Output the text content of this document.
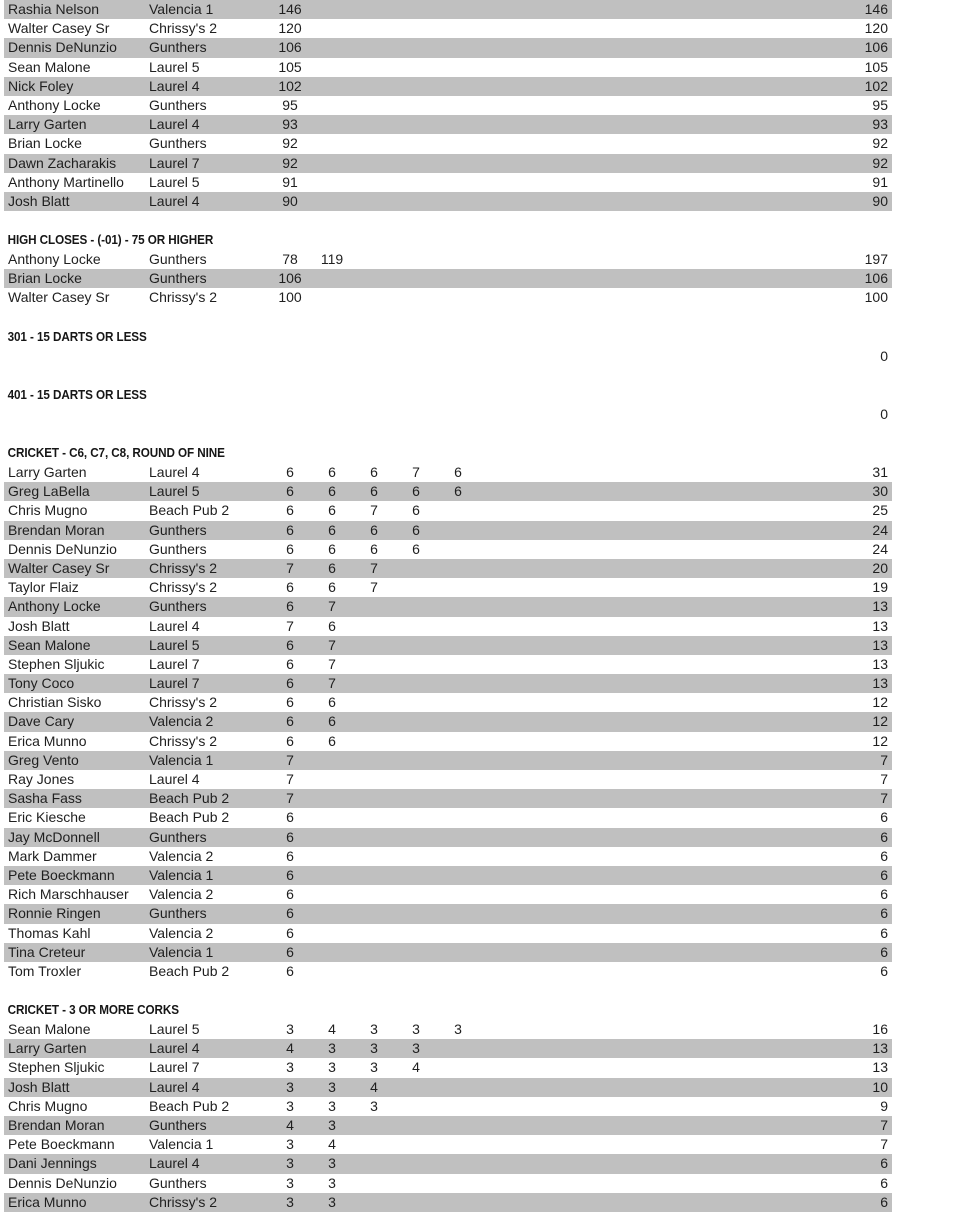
Rashia Nelson	Valencia 1	146	146
Walter Casey Sr	Chrissy's 2	120	120
Dennis DeNunzio	Gunthers	106	106
Sean Malone	Laurel 5	105	105
Nick Foley	Laurel 4	102	102
Anthony Locke	Gunthers	95	95
Larry Garten	Laurel 4	93	93
Brian Locke	Gunthers	92	92
Dawn Zacharakis	Laurel 7	92	92
Anthony Martinello	Laurel 5	91	91
Josh Blatt	Laurel 4	90	90
HIGH CLOSES - (-01) - 75 OR HIGHER
Anthony Locke	Gunthers	78	119	197
Brian Locke	Gunthers	106	106
Walter Casey Sr	Chrissy's 2	100	100
301 - 15 DARTS OR LESS
0
401 - 15 DARTS OR LESS
0
CRICKET - C6, C7, C8, ROUND OF NINE
Larry Garten	Laurel 4	6	6	6	7	6	31
Greg LaBella	Laurel 5	6	6	6	6	6	30
Chris Mugno	Beach Pub 2	6	6	7	6	25
Brendan Moran	Gunthers	6	6	6	6	24
Dennis DeNunzio	Gunthers	6	6	6	6	24
Walter Casey Sr	Chrissy's 2	7	6	7	20
Taylor Flaiz	Chrissy's 2	6	6	7	19
Anthony Locke	Gunthers	6	7	13
Josh Blatt	Laurel 4	7	6	13
Sean Malone	Laurel 5	6	7	13
Stephen Sljukic	Laurel 7	6	7	13
Tony Coco	Laurel 7	6	7	13
Christian Sisko	Chrissy's 2	6	6	12
Dave Cary	Valencia 2	6	6	12
Erica Munno	Chrissy's 2	6	6	12
Greg Vento	Valencia 1	7	7
Ray Jones	Laurel 4	7	7
Sasha Fass	Beach Pub 2	7	7
Eric Kiesche	Beach Pub 2	6	6
Jay McDonnell	Gunthers	6	6
Mark Dammer	Valencia 2	6	6
Pete Boeckmann	Valencia 1	6	6
Rich Marschhauser	Valencia 2	6	6
Ronnie Ringen	Gunthers	6	6
Thomas Kahl	Valencia 2	6	6
Tina Creteur	Valencia 1	6	6
Tom Troxler	Beach Pub 2	6	6
CRICKET - 3 OR MORE CORKS
Sean Malone	Laurel 5	3	4	3	3	3	16
Larry Garten	Laurel 4	4	3	3	3	13
Stephen Sljukic	Laurel 7	3	3	3	4	13
Josh Blatt	Laurel 4	3	3	4	10
Chris Mugno	Beach Pub 2	3	3	3	9
Brendan Moran	Gunthers	4	3	7
Pete Boeckmann	Valencia 1	3	4	7
Dani Jennings	Laurel 4	3	3	6
Dennis DeNunzio	Gunthers	3	3	6
Erica Munno	Chrissy's 2	3	3	6
